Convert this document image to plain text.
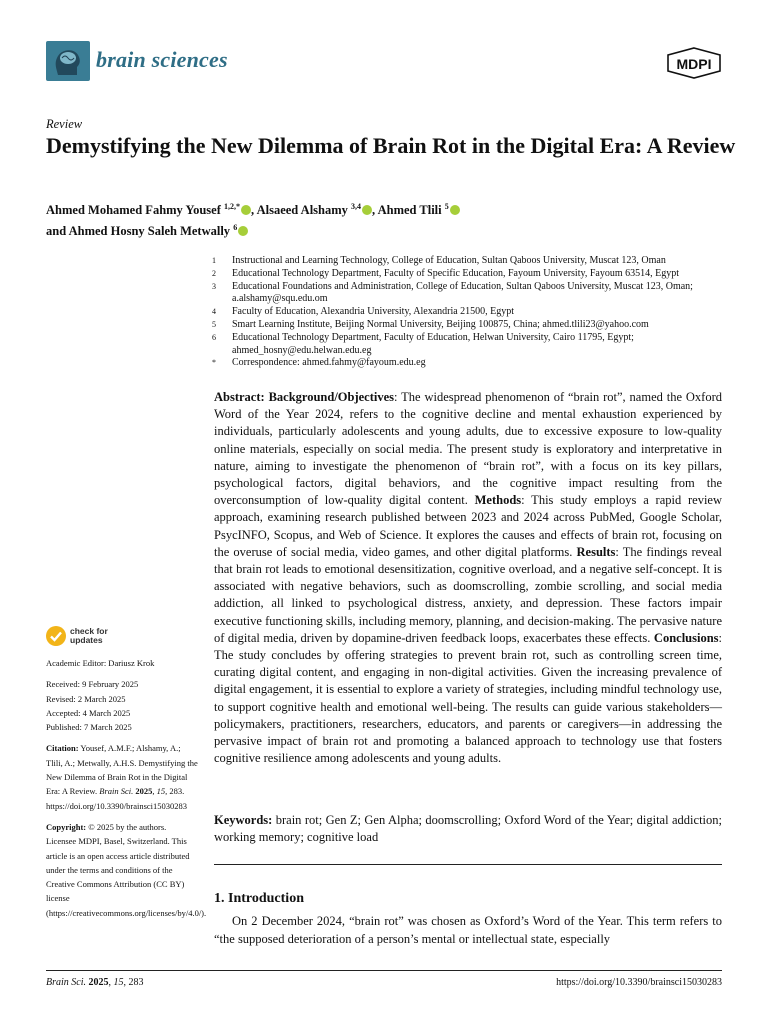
brain sciences	MDPI
Review
Demystifying the New Dilemma of Brain Rot in the Digital Era: A Review
Ahmed Mohamed Fahmy Yousef $^{1,2,*}$ , Alsaeed Alshamy $^{3,4}$ , Ahmed Tlili $^5$
and Ahmed Hosny Saleh Metwally $^6$
1	Instructional and Learning Technology, College of Education, Sultan Qaboos University, Muscat 123, Oman
2	Educational Technology Department, Faculty of Specific Education, Fayoum University, Fayoum 63514, Egypt
3	Educational Foundations and Administration, College of Education, Sultan Qaboos University, Muscat 123, Oman; a.alshamy@squ.edu.om
4	Faculty of Education, Alexandria University, Alexandria 21500, Egypt
5	Smart Learning Institute, Beijing Normal University, Beijing 100875, China; ahmed.tlili23@yahoo.com
6	Educational Technology Department, Faculty of Education, Helwan University, Cairo 11795, Egypt; ahmed_hosny@edu.helwan.edu.eg
*	Correspondence: ahmed.fahmy@fayoum.edu.eg
Abstract: Background/Objectives: The widespread phenomenon of “brain rot”, named the Oxford Word of the Year 2024, refers to the cognitive decline and mental exhaustion experienced by individuals, particularly adolescents and young adults, due to excessive exposure to low-quality online materials, especially on social media. The present study is exploratory and interpretative in nature, aiming to investigate the phenomenon of “brain rot”, with a focus on its key pillars, psychological factors, digital behaviors, and the cognitive impact resulting from the overconsumption of low-quality digital content. Methods: This study employs a rapid review approach, examining research published between 2023 and 2024 across PubMed, Google Scholar, PsycINFO, Scopus, and Web of Science. It explores the causes and effects of brain rot, focusing on the overuse of social media, video games, and other digital platforms. Results: The findings reveal that brain rot leads to emotional desensitization, cognitive overload, and a negative self-concept. It is associated with negative behaviors, such as doomscrolling, zombie scrolling, and social media addiction, all linked to psychological distress, anxiety, and depression. These factors impair executive functioning skills, including memory, planning, and decision-making. The pervasive nature of digital media, driven by dopamine-driven feedback loops, exacerbates these effects. Conclusions: The study concludes by offering strategies to prevent brain rot, such as controlling screen time, curating digital content, and engaging in non-digital activities. Given the increasing prevalence of digital engagement, it is essential to explore a variety of strategies, including mindful technology use, to support cognitive health and emotional well-being. The results can guide various stakeholders—policymakers, practitioners, researchers, educators, and parents or caregivers—in addressing the pervasive impact of brain rot and promoting a balanced approach to technology use that fosters cognitive resilience among adolescents and young adults.
Keywords: brain rot; Gen Z; Gen Alpha; doomscrolling; Oxford Word of the Year; digital addiction; working memory; cognitive load
1. Introduction
On 2 December 2024, “brain rot” was chosen as Oxford’s Word of the Year. This term refers to “the supposed deterioration of a person’s mental or intellectual state, especially
check for
updates

Academic Editor: Dariusz Krok

Received: 9 February 2025

Revised: 2 March 2025

Accepted: 4 March 2025

Published: 7 March 2025

Citation: Yousef, A.M.F.; Alshamy, A.; Tlili, A.; Metwally, A.H.S. Demystifying the New Dilemma of Brain Rot in the Digital Era: A Review. Brain Sci. 2025, 15, 283. https://doi.org/10.3390/brainsci15030283

Copyright: © 2025 by the authors. Licensee MDPI, Basel, Switzerland. This article is an open access article distributed under the terms and conditions of the Creative Commons Attribution (CC BY) license (https://creativecommons.org/licenses/by/4.0/).

Brain Sci. 2025, 15, 283	https://doi.org/10.3390/brainsci15030283
